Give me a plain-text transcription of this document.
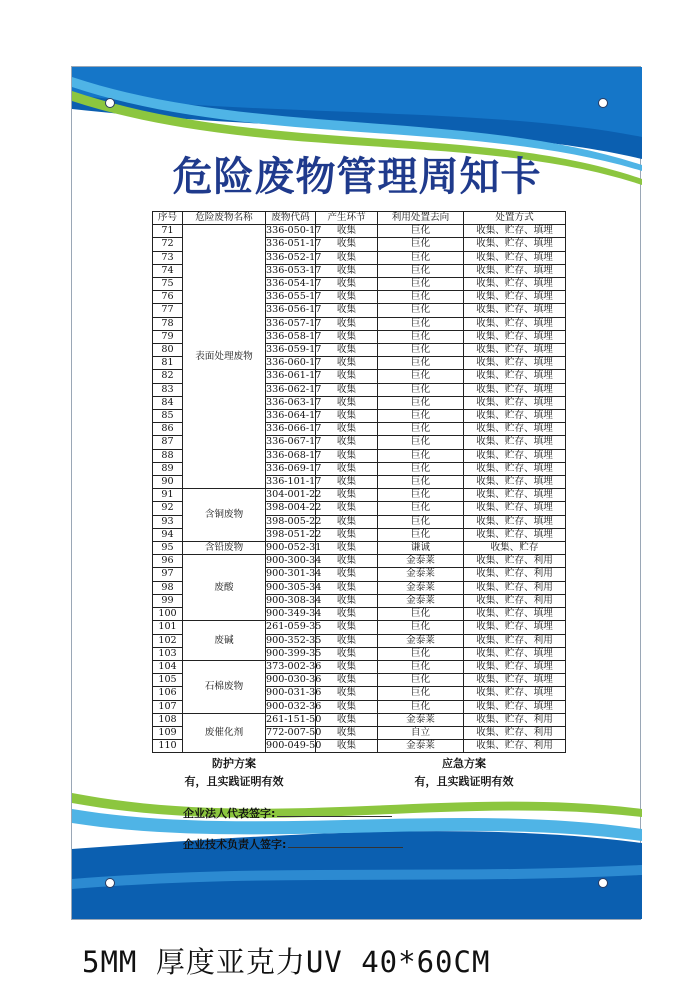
危险废物管理周知卡
序号	危险废物名称	废物代码	产生环节	利用处置去向	处置方式
71	表面处理废物	336-050-17	收集	巨化	收集、贮存、填埋
72		336-051-17	收集	巨化	收集、贮存、填埋
73		336-052-17	收集	巨化	收集、贮存、填埋
74		336-053-17	收集	巨化	收集、贮存、填埋
75		336-054-17	收集	巨化	收集、贮存、填埋
76		336-055-17	收集	巨化	收集、贮存、填埋
77		336-056-17	收集	巨化	收集、贮存、填埋
78		336-057-17	收集	巨化	收集、贮存、填埋
79		336-058-17	收集	巨化	收集、贮存、填埋
80		336-059-17	收集	巨化	收集、贮存、填埋
81		336-060-17	收集	巨化	收集、贮存、填埋
82		336-061-17	收集	巨化	收集、贮存、填埋
83		336-062-17	收集	巨化	收集、贮存、填埋
84		336-063-17	收集	巨化	收集、贮存、填埋
85		336-064-17	收集	巨化	收集、贮存、填埋
86		336-066-17	收集	巨化	收集、贮存、填埋
87		336-067-17	收集	巨化	收集、贮存、填埋
88		336-068-17	收集	巨化	收集、贮存、填埋
89		336-069-17	收集	巨化	收集、贮存、填埋
90		336-101-17	收集	巨化	收集、贮存、填埋
91	含铜废物	304-001-22	收集	巨化	收集、贮存、填埋
92		398-004-22	收集	巨化	收集、贮存、填埋
93		398-005-22	收集	巨化	收集、贮存、填埋
94		398-051-22	收集	巨化	收集、贮存、填埋
95	含铅废物	900-052-31	收集	谦诚	收集、贮存
96	废酸	900-300-34	收集	金泰莱	收集、贮存、利用
97		900-301-34	收集	金泰莱	收集、贮存、利用
98		900-305-34	收集	金泰莱	收集、贮存、利用
99		900-308-34	收集	金泰莱	收集、贮存、利用
100		900-349-34	收集	巨化	收集、贮存、填埋
101	废碱	261-059-35	收集	巨化	收集、贮存、填埋
102		900-352-35	收集	金泰莱	收集、贮存、利用
103		900-399-35	收集	巨化	收集、贮存、填埋
104	石棉废物	373-002-36	收集	巨化	收集、贮存、填埋
105		900-030-36	收集	巨化	收集、贮存、填埋
106		900-031-36	收集	巨化	收集、贮存、填埋
107		900-032-36	收集	巨化	收集、贮存、填埋
108	废催化剂	261-151-50	收集	金泰莱	收集、贮存、利用
109		772-007-50	收集	自立	收集、贮存、利用
110		900-049-50	收集	金泰莱	收集、贮存、利用
防护方案
有，且实践证明有效
应急方案
有，且实践证明有效
企业法人代表签字:
企业技术负责人签字:
5MM 厚度亚克力UV 40*60CM
